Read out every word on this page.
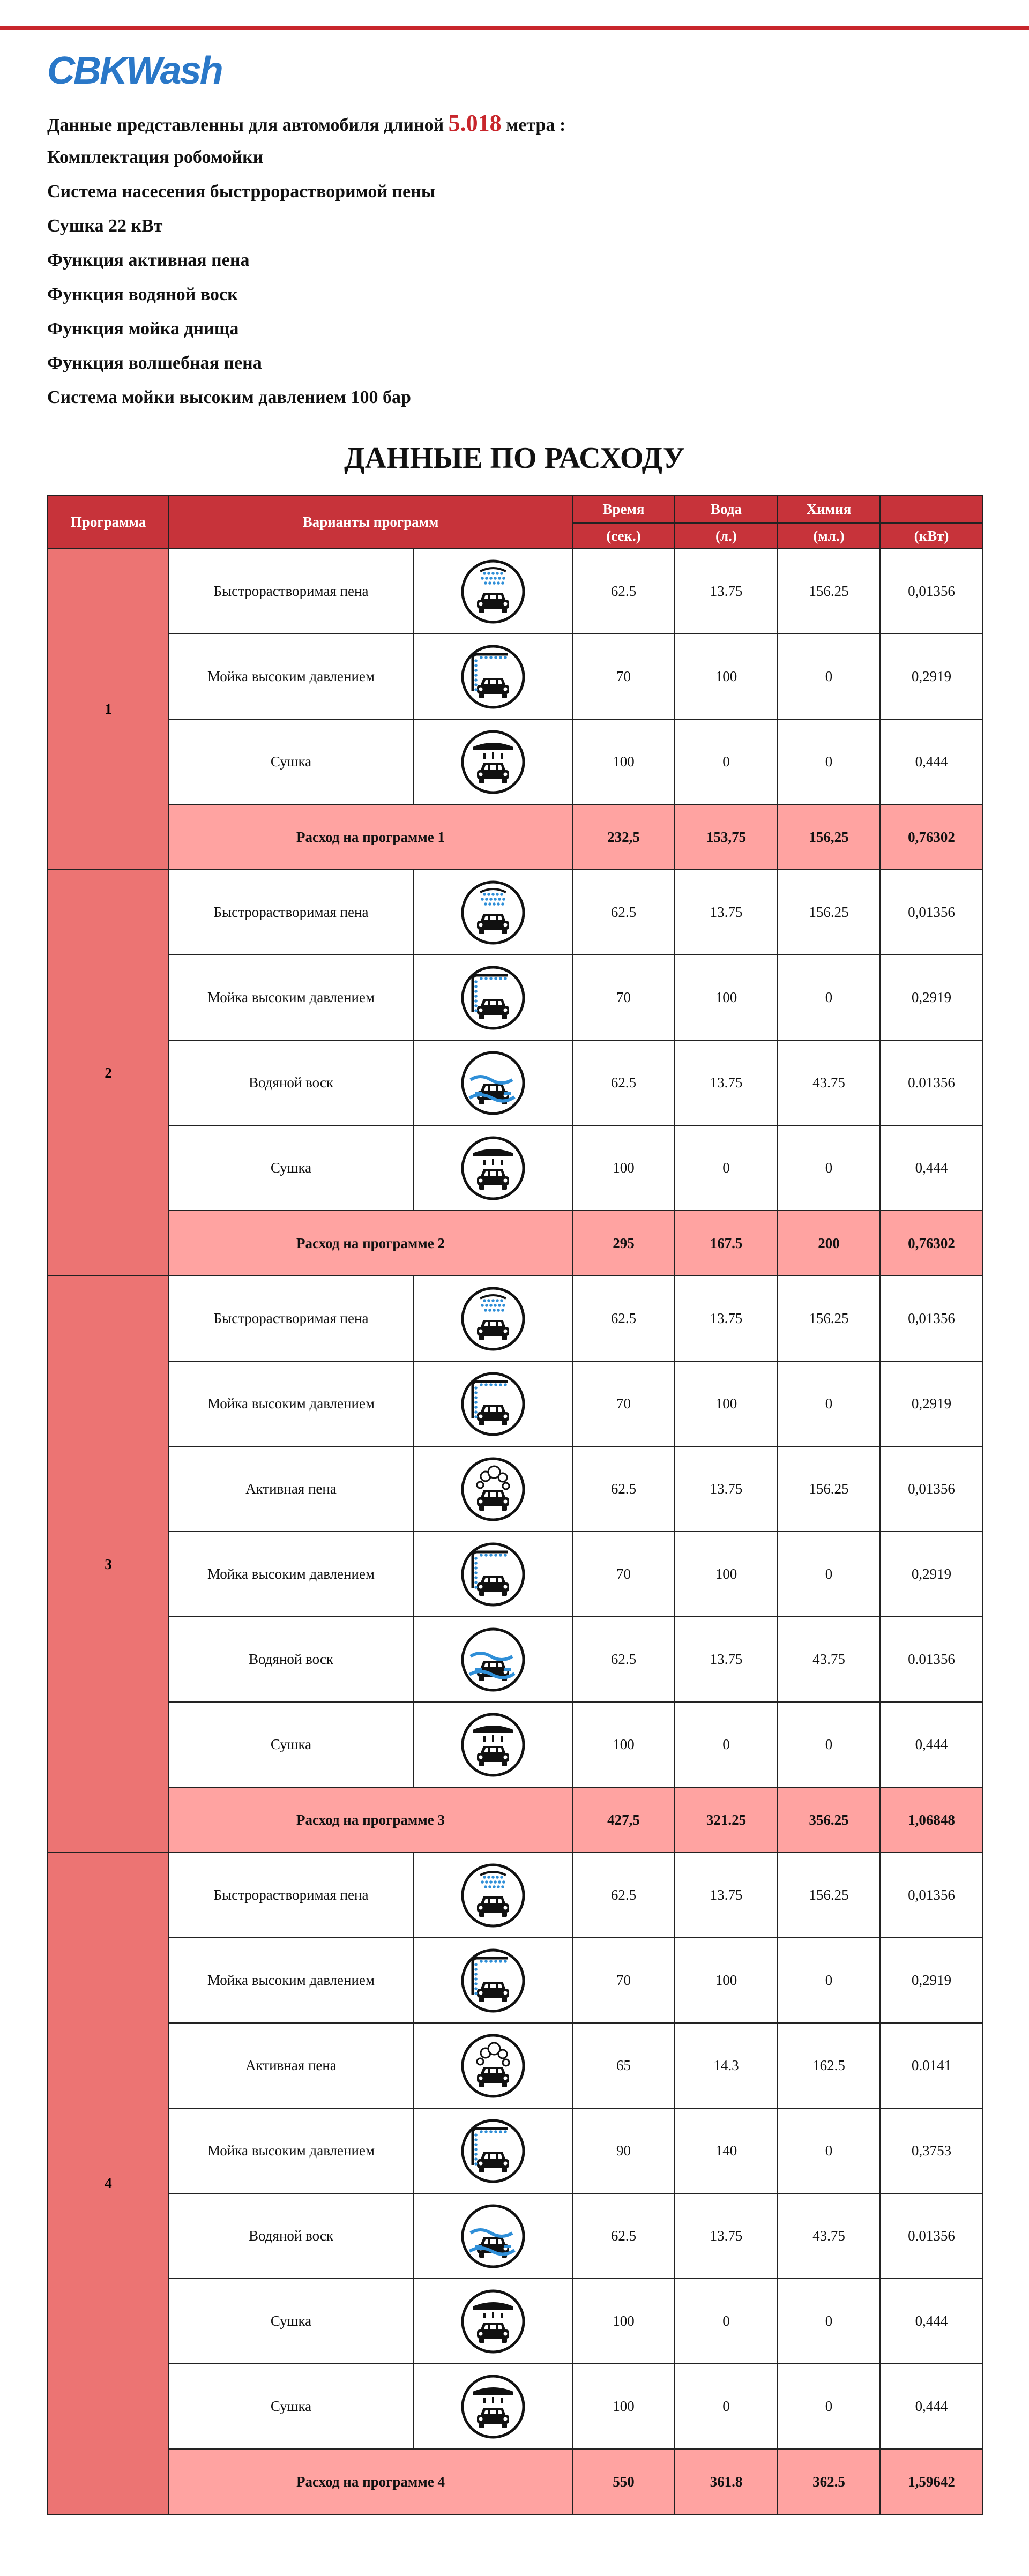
CBKWash
Данные представленны для автомобиля длиной 5.018 метра :
Комплектация робомойки
Система насесения быстррорастворимой пены
Сушка 22 кВт
Функция активная пена
Функция водяной воск
Функция мойка днища
Функция волшебная пена
Система мойки высоким давлением 100 бар
ДАННЫЕ ПО РАСХОДУ
Программа	Варианты программ		Время	Вода	Химия	
			(сек.)	(л.)	(мл.)	(кВт)
1	Быстрорастворимая пена		62.5	13.75	156.25	0,01356
	Мойка высоким давлением		70	100	0	0,2919
	Сушка		100	0	0	0,444
	Расход на программе 1		232,5	153,75	156,25	0,76302
2	Быстрорастворимая пена		62.5	13.75	156.25	0,01356
	Мойка высоким давлением		70	100	0	0,2919
	Водяной воск		62.5	13.75	43.75	0.01356
	Сушка		100	0	0	0,444
	Расход на программе 2		295	167.5	200	0,76302
3	Быстрорастворимая пена		62.5	13.75	156.25	0,01356
	Мойка высоким давлением		70	100	0	0,2919
	Активная пена		62.5	13.75	156.25	0,01356
	Мойка высоким давлением		70	100	0	0,2919
	Водяной воск		62.5	13.75	43.75	0.01356
	Сушка		100	0	0	0,444
	Расход на программе 3		427,5	321.25	356.25	1,06848
4	Быстрорастворимая пена		62.5	13.75	156.25	0,01356
	Мойка высоким давлением		70	100	0	0,2919
	Активная пена		65	14.3	162.5	0.0141
	Мойка высоким давлением		90	140	0	0,3753
	Водяной воск		62.5	13.75	43.75	0.01356
	Сушка		100	0	0	0,444
	Сушка		100	0	0	0,444
	Расход на программе 4		550	361.8	362.5	1,59642
